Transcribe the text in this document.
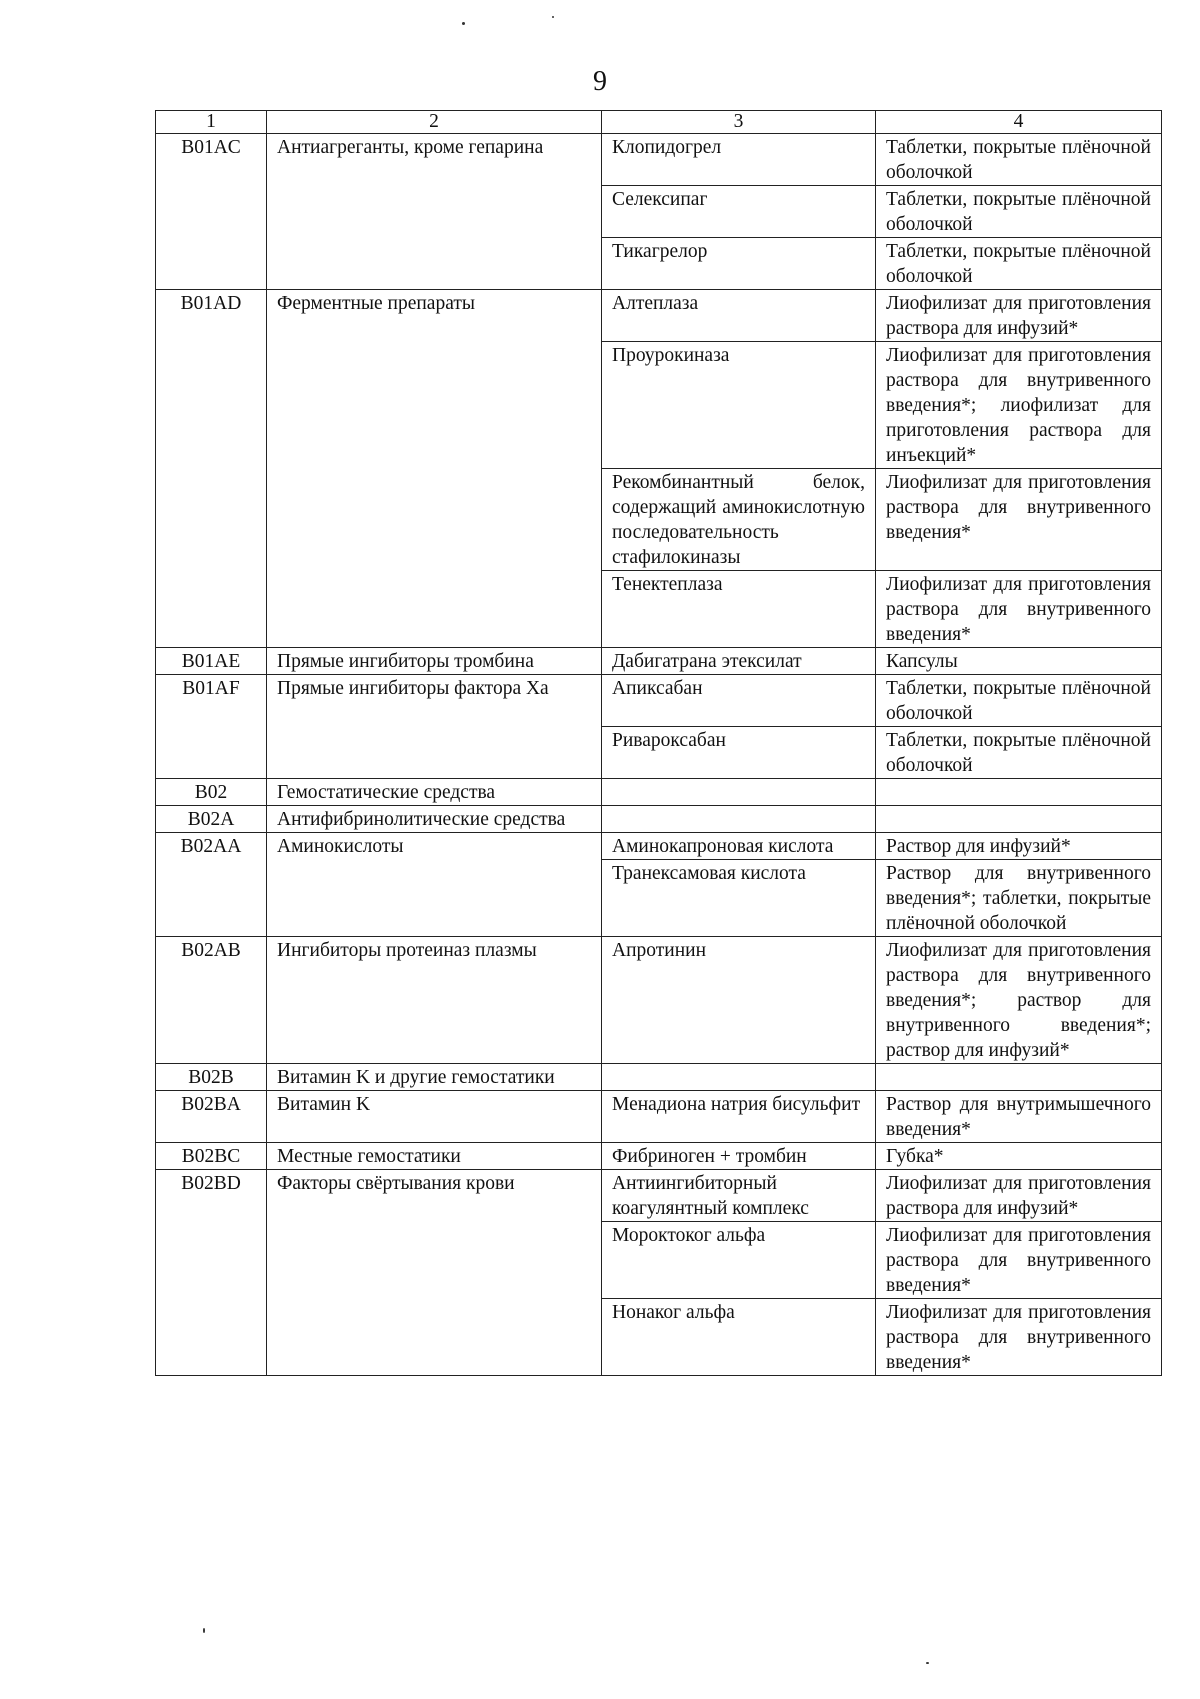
9
1	2	3	4
B01AC	Антиагреганты, кроме гепарина	Клопидогрел	Таблетки, покрытые плёночной оболочкой
		Селексипаг	Таблетки, покрытые плёночной оболочкой
		Тикагрелор	Таблетки, покрытые плёночной оболочкой
B01AD	Ферментные препараты	Алтеплаза	Лиофилизат для приготовления раствора для инфузий*
		Проурокиназа	Лиофилизат для приготовления раствора для внутривенного введения*; лиофилизат для приготовления раствора для инъекций*
		Рекомбинантный белок, содержащий аминокислотную последовательность стафилокиназы	Лиофилизат для приготовления раствора для внутривенного введения*
		Тенектеплаза	Лиофилизат для приготовления раствора для внутривенного введения*
B01AE	Прямые ингибиторы тромбина	Дабигатрана этексилат	Капсулы
B01AF	Прямые ингибиторы фактора Xa	Апиксабан	Таблетки, покрытые плёночной оболочкой
		Ривароксабан	Таблетки, покрытые плёночной оболочкой
B02	Гемостатические средства		
B02A	Антифибринолитические средства		
B02AA	Аминокислоты	Аминокапроновая кислота	Раствор для инфузий*
		Транексамовая кислота	Раствор для внутривенного введения*; таблетки, покрытые плёночной оболочкой
B02AB	Ингибиторы протеиназ плазмы	Апротинин	Лиофилизат для приготовления раствора для внутривенного введения*; раствор для внутривенного введения*; раствор для инфузий*
B02B	Витамин K и другие гемостатики		
B02BA	Витамин K	Менадиона натрия бисульфит	Раствор для внутримышечного введения*
B02BC	Местные гемостатики	Фибриноген + тромбин	Губка*
B02BD	Факторы свёртывания крови	Антиингибиторный коагулянтный комплекс	Лиофилизат для приготовления раствора для инфузий*
		Мороктоког альфа	Лиофилизат для приготовления раствора для внутривенного введения*
		Нонаког альфа	Лиофилизат для приготовления раствора для внутривенного введения*
